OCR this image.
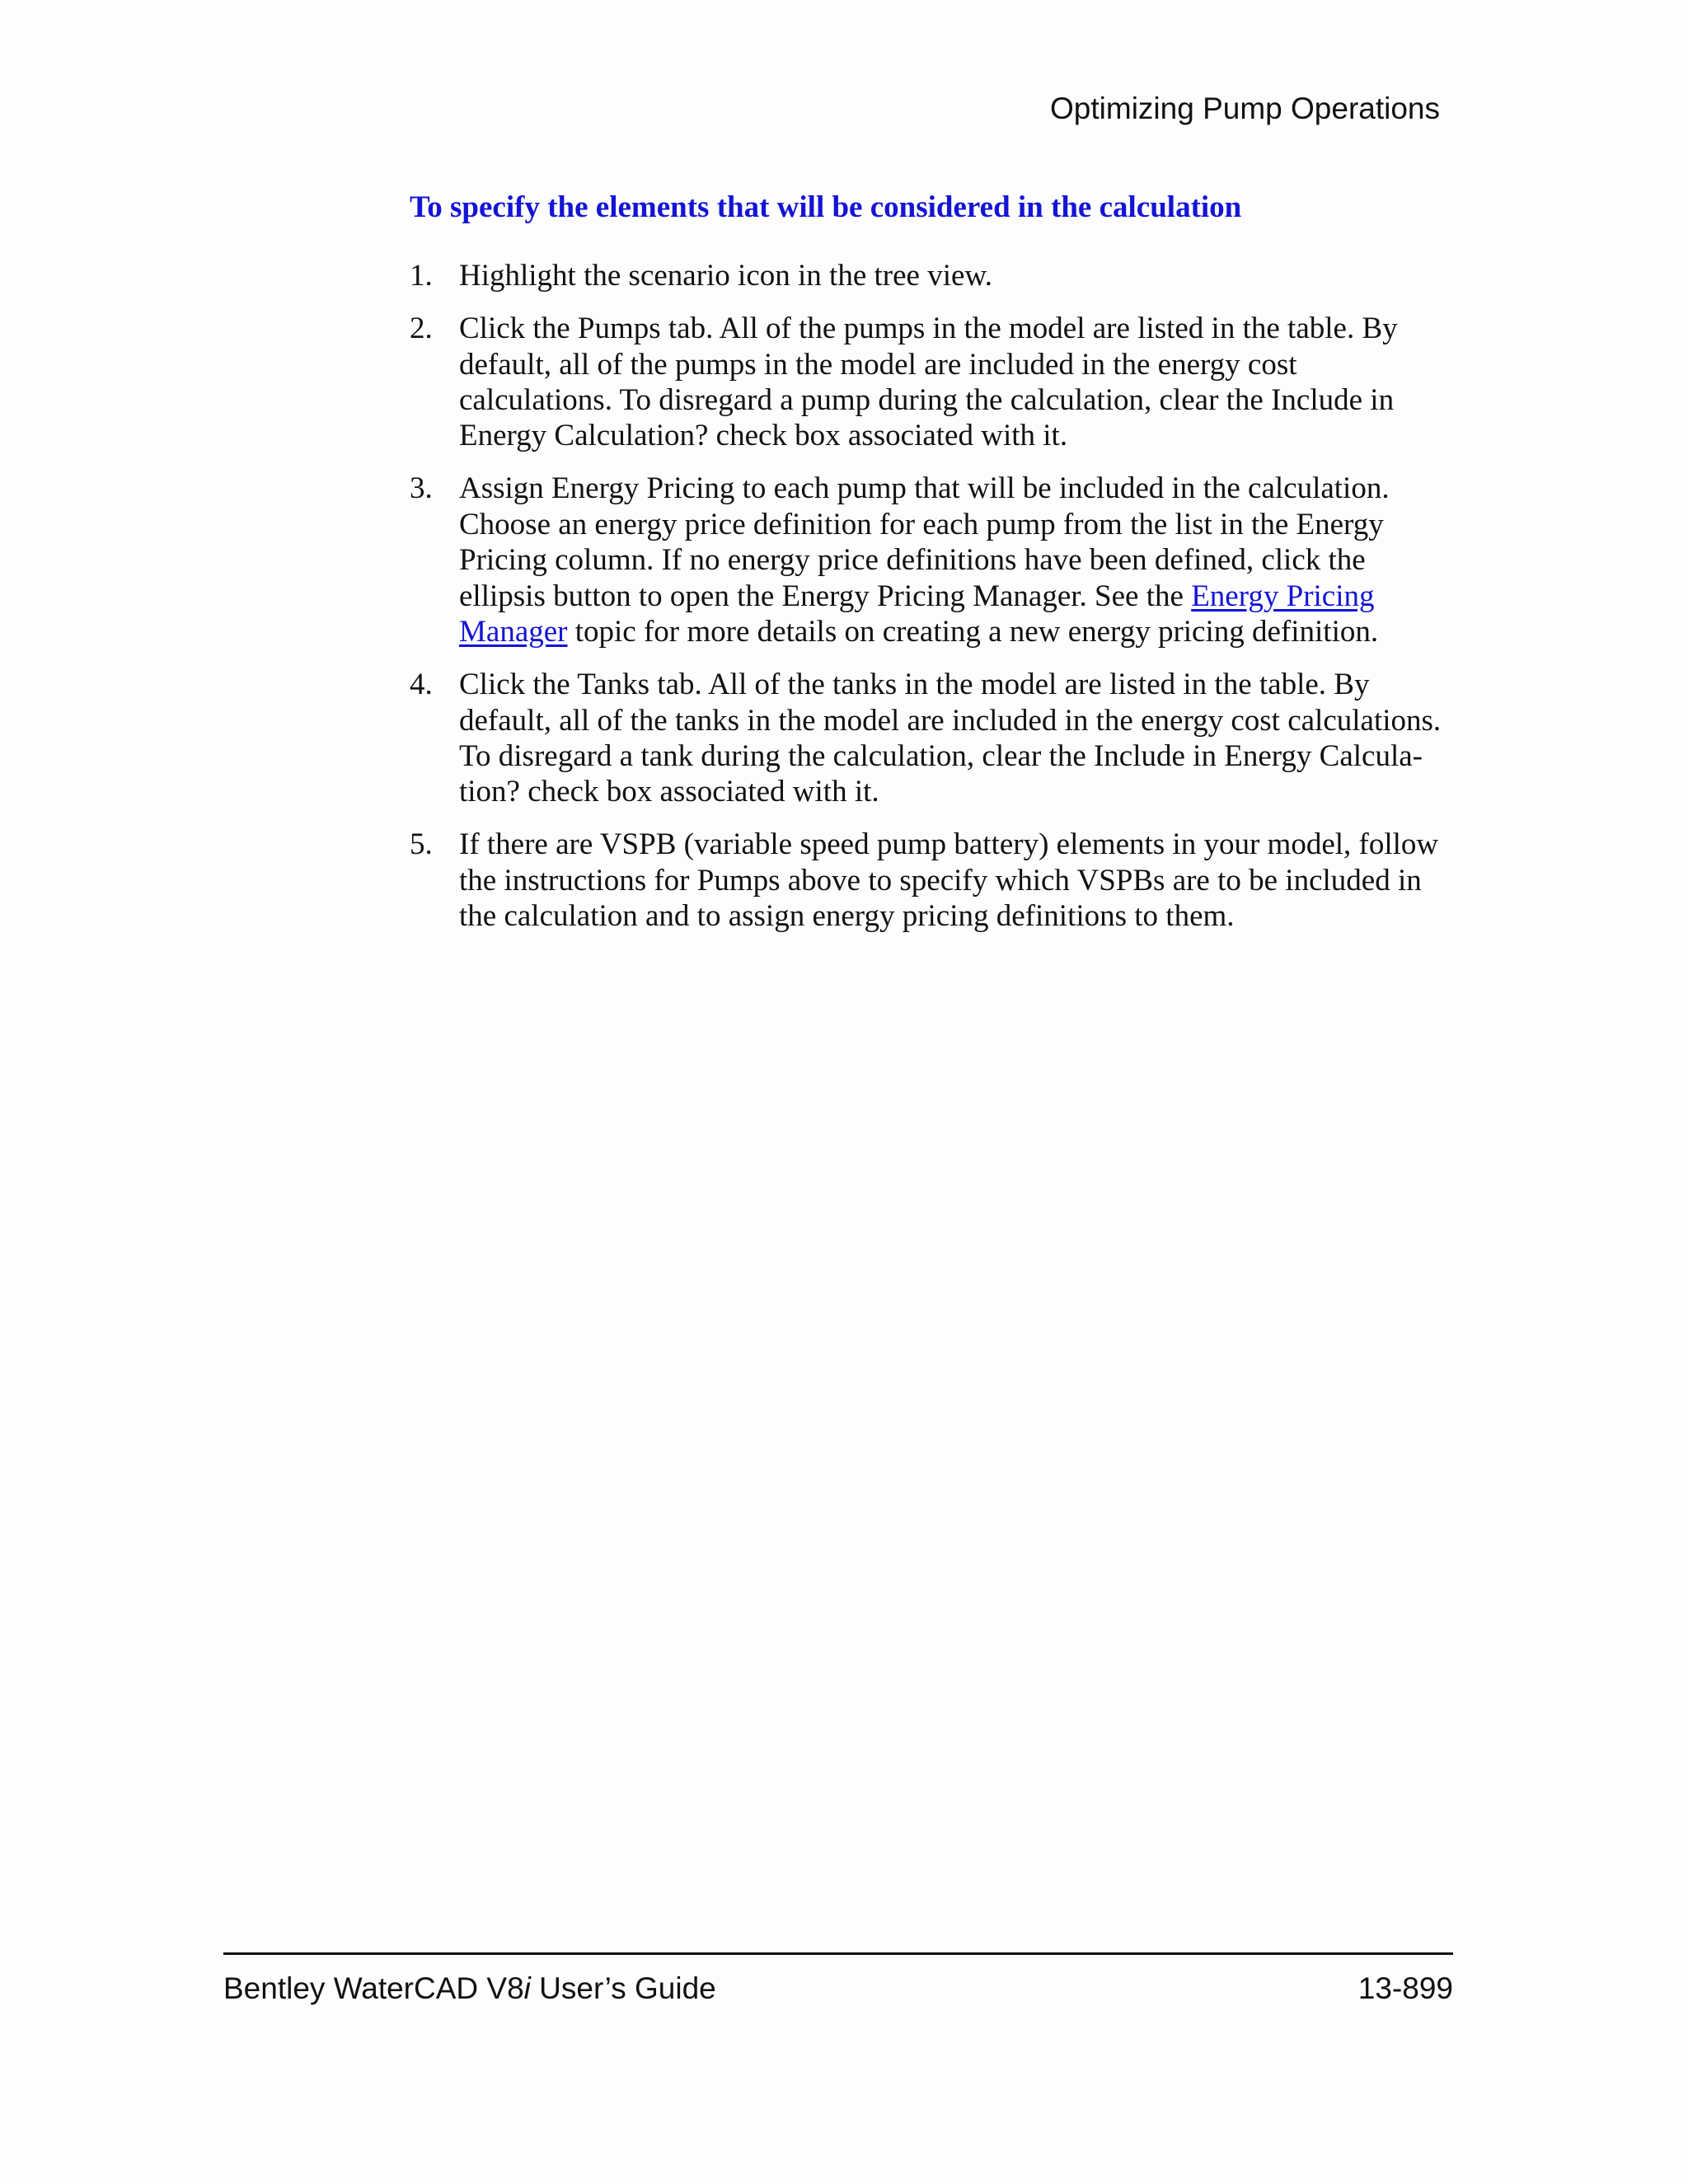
Optimizing Pump Operations
To specify the elements that will be considered in the calculation
1. Highlight the scenario icon in the tree view.
2. Click the Pumps tab. All of the pumps in the model are listed in the table. By default, all of the pumps in the model are included in the energy cost calculations. To disregard a pump during the calculation, clear the Include in Energy Calculation? check box associated with it.
3. Assign Energy Pricing to each pump that will be included in the calculation. Choose an energy price definition for each pump from the list in the Energy Pricing column. If no energy price definitions have been defined, click the ellipsis button to open the Energy Pricing Manager. See the Energy Pricing Manager topic for more details on creating a new energy pricing definition.
4. Click the Tanks tab. All of the tanks in the model are listed in the table. By default, all of the tanks in the model are included in the energy cost calculations. To disregard a tank during the calculation, clear the Include in Energy Calculation? check box associated with it.
5. If there are VSPB (variable speed pump battery) elements in your model, follow the instructions for Pumps above to specify which VSPBs are to be included in the calculation and to assign energy pricing definitions to them.
Bentley WaterCAD V8i User’s Guide	13-899
